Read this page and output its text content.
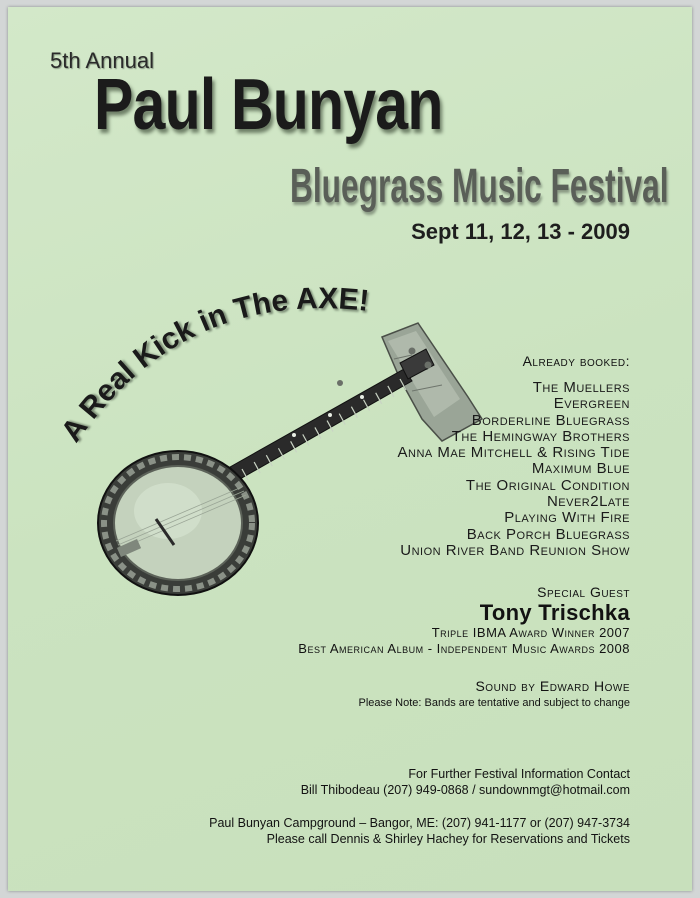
5th Annual
Paul Bunyan
Bluegrass Music Festival
Sept 11, 12, 13 - 2009
A Real Kick in The AXE!
Already booked:
The Muellers
Evergreen
Borderline Bluegrass
The Hemingway Brothers
Anna Mae Mitchell & Rising Tide
Maximum Blue
The Original Condition
Never2Late
Playing With Fire
Back Porch Bluegrass
Union River Band Reunion Show
Special Guest
Tony Trischka
Triple IBMA Award Winner 2007
Best American Album - Independent Music Awards 2008
Sound by Edward Howe
Please Note: Bands are tentative and subject to change
For Further Festival Information Contact
Bill Thibodeau (207) 949-0868 / sundownmgt@hotmail.com
Paul Bunyan Campground – Bangor, ME: (207) 941-1177 or (207) 947-3734
Please call Dennis & Shirley Hachey for Reservations and Tickets
